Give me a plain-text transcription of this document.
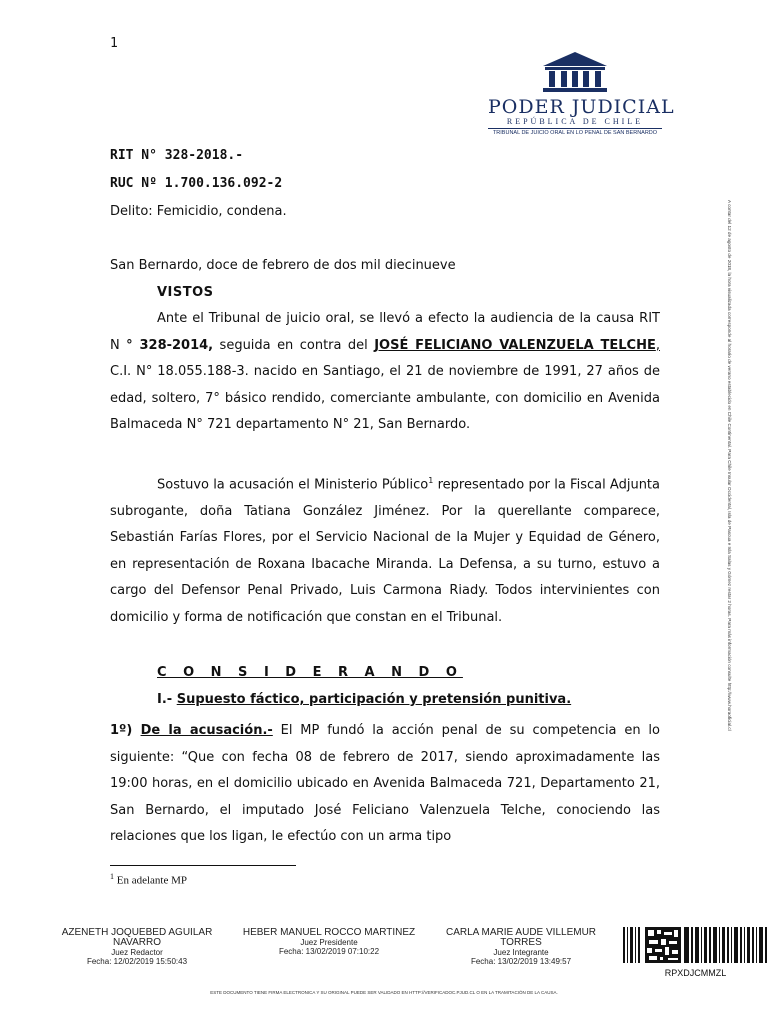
1
PODER JUDICIAL
REPÚBLICA DE CHILE
TRIBUNAL DE JUICIO ORAL EN LO PENAL DE SAN BERNARDO
RIT N° 328-2018.-
RUC Nº 1.700.136.092-2
Delito: Femicidio, condena.
San Bernardo, doce de febrero de dos mil diecinueve
VISTOS
Ante el Tribunal de juicio oral, se llevó a efecto la audiencia de la causa RIT N ° 328-2014, seguida en contra del JOSÉ FELICIANO VALENZUELA TELCHE, C.I. N° 18.055.188-3. nacido en Santiago, el 21 de noviembre de 1991, 27 años de edad, soltero, 7° básico rendido, comerciante ambulante, con domicilio en Avenida Balmaceda N° 721 departamento N° 21, San Bernardo.
Sostuvo la acusación el Ministerio Público$^1$ representado por la Fiscal Adjunta subrogante, doña Tatiana González Jiménez. Por la querellante comparece, Sebastián Farías Flores, por el Servicio Nacional de la Mujer y Equidad de Género, en representación de Roxana Ibacache Miranda. La Defensa, a su turno, estuvo a cargo del Defensor Penal Privado, Luis Carmona Riady. Todos intervinientes con domicilio y forma de notificación que constan en el Tribunal.
C O N S I D E R A N D O
I.- Supuesto fáctico, participación y pretensión punitiva.
1º) De la acusación.- El MP fundó la acción penal de su competencia en lo siguiente: “Que con fecha 08 de febrero de 2017, siendo aproximadamente las 19:00 horas, en el domicilio ubicado en Avenida Balmaceda 721, Departamento 21, San Bernardo, el imputado José Feliciano Valenzuela Telche, conociendo las relaciones que los ligan, le efectúo con un arma tipo
$^1$ En adelante MP
A contar del 12 de agosto de 2018, la hora visualizada corresponde al horario de verano establecido en Chile Continental. Para Chile Insular Occidental, Isla de Pascua e Isla Salas y Gómez restar 2 horas. Para más información consulte http://www.horaoficial.cl
AZENETH JOQUEBED AGUILAR NAVARRO
Juez Redactor
Fecha: 12/02/2019 15:50:43
HEBER MANUEL ROCCO MARTINEZ
Juez Presidente
Fecha: 13/02/2019 07:10:22
CARLA MARIE AUDE VILLEMUR TORRES
Juez Integrante
Fecha: 13/02/2019 13:49:57
RPXDJCMMZL
ESTE DOCUMENTO TIENE FIRMA ELECTRONICA Y SU ORIGINAL PUEDE SER VALIDADO EN HTTP://VERIFICADOC.PJUD.CL O EN LA TRAMITACIÓN DE LA CAUSA.
